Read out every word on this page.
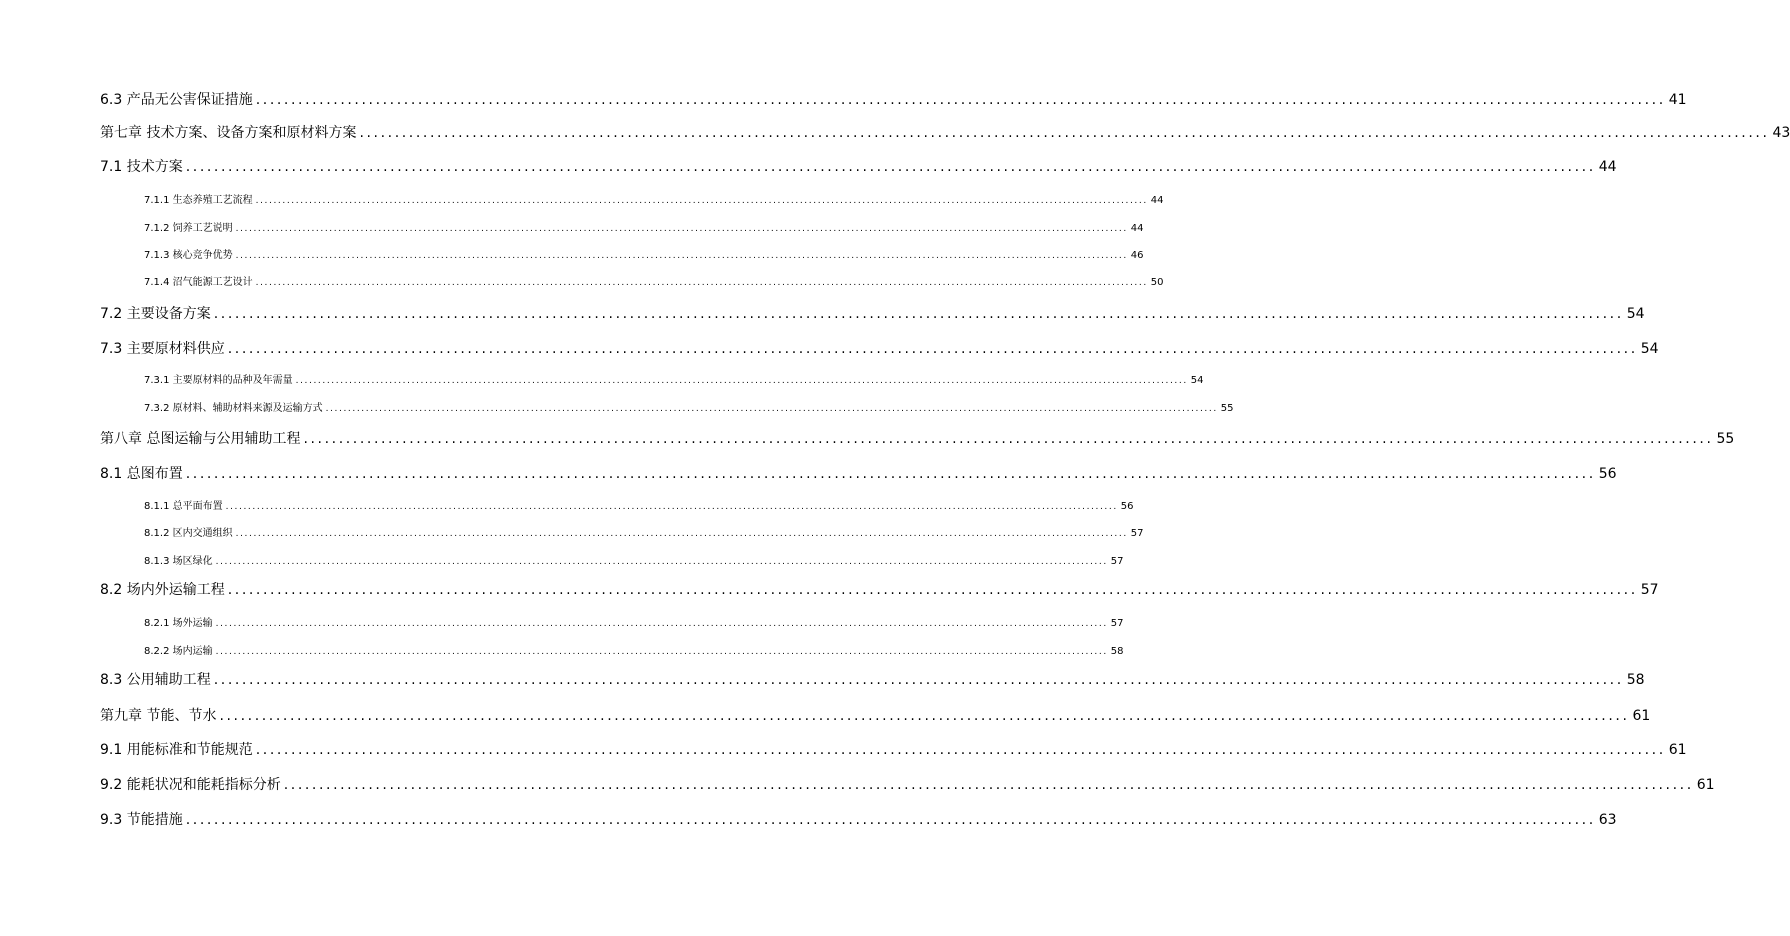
6.3 产品无公害保证措施 ........................................................................................................................................................................................................ 41
第七章 技术方案、设备方案和原材料方案 ........................................................................................................................................................................................................ 43
7.1 技术方案 ........................................................................................................................................................................................................ 44
7.1.1 生态养殖工艺流程 ........................................................................................................................................................................................................ 44
7.1.2 饲养工艺说明 ........................................................................................................................................................................................................ 44
7.1.3 核心竞争优势 ........................................................................................................................................................................................................ 46
7.1.4 沼气能源工艺设计 ........................................................................................................................................................................................................ 50
7.2 主要设备方案 ........................................................................................................................................................................................................ 54
7.3 主要原材料供应 ........................................................................................................................................................................................................ 54
7.3.1 主要原材料的品种及年需量 ........................................................................................................................................................................................................ 54
7.3.2 原材料、辅助材料来源及运输方式 ........................................................................................................................................................................................................ 55
第八章 总图运输与公用辅助工程 ........................................................................................................................................................................................................ 55
8.1 总图布置 ........................................................................................................................................................................................................ 56
8.1.1 总平面布置 ........................................................................................................................................................................................................ 56
8.1.2 区内交通组织 ........................................................................................................................................................................................................ 57
8.1.3 场区绿化 ........................................................................................................................................................................................................ 57
8.2 场内外运输工程 ........................................................................................................................................................................................................ 57
8.2.1 场外运输 ........................................................................................................................................................................................................ 57
8.2.2 场内运输 ........................................................................................................................................................................................................ 58
8.3 公用辅助工程 ........................................................................................................................................................................................................ 58
第九章 节能、节水 ........................................................................................................................................................................................................ 61
9.1 用能标准和节能规范 ........................................................................................................................................................................................................ 61
9.2 能耗状况和能耗指标分析 ........................................................................................................................................................................................................ 61
9.3 节能措施 ........................................................................................................................................................................................................ 63
